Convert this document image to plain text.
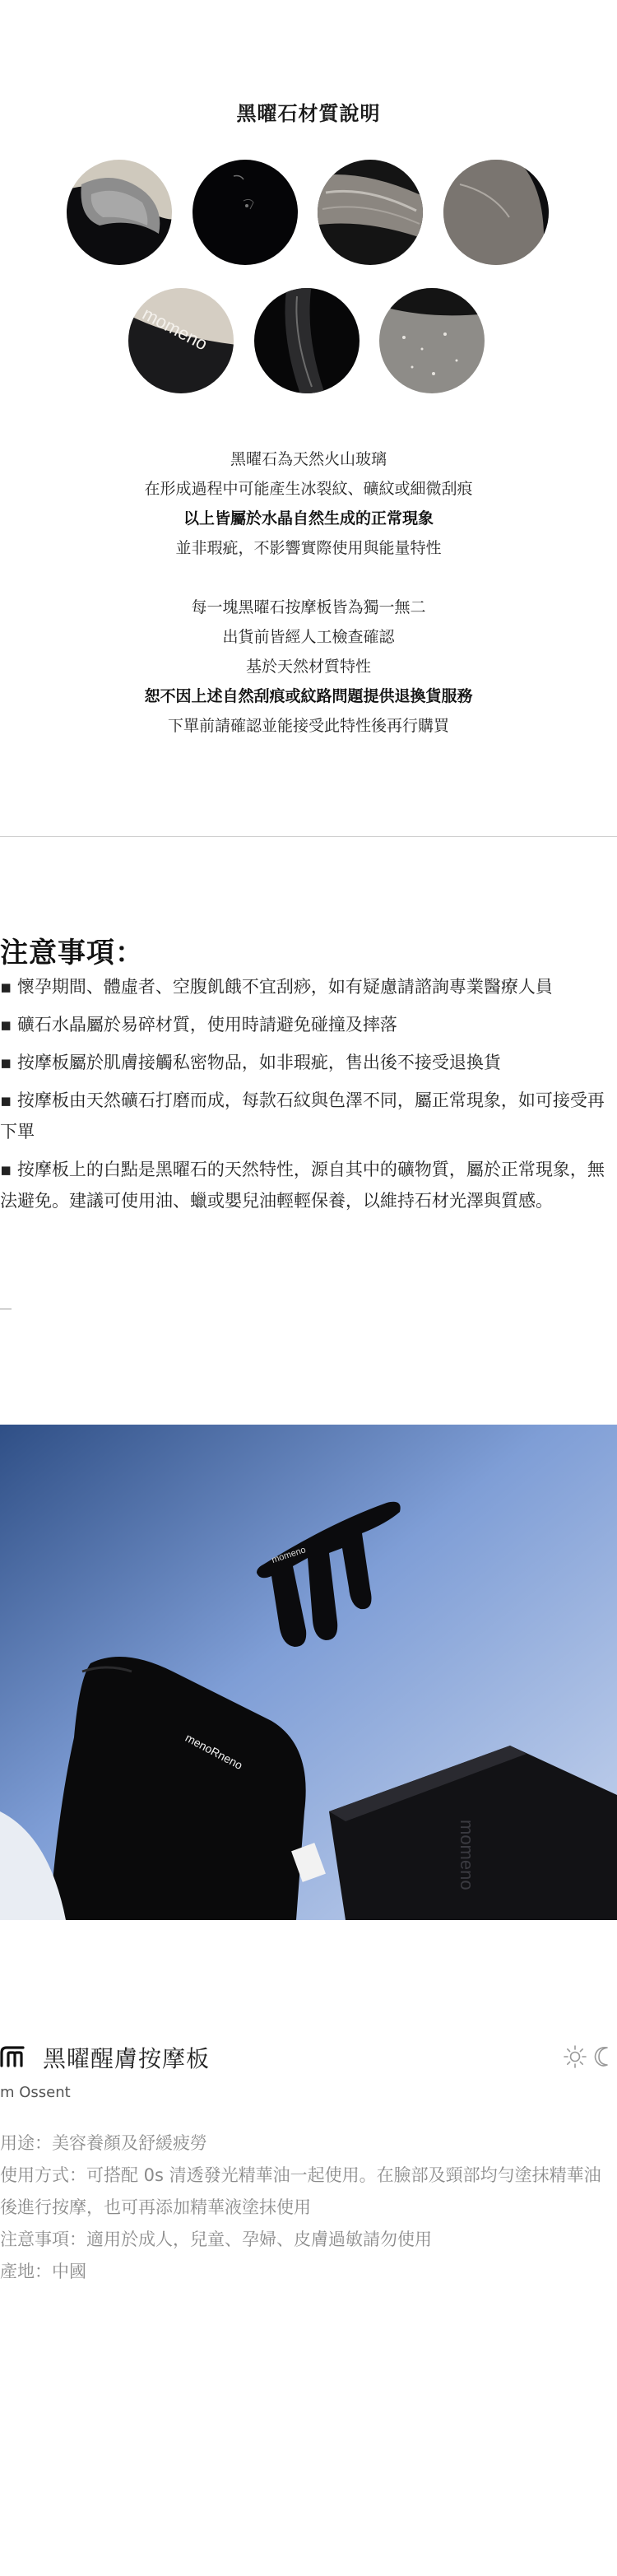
黑曜石材質說明
momeno
黑曜石為天然火山玻璃
在形成過程中可能產生冰裂紋、礦紋或細微刮痕
以上皆屬於水晶自然生成的正常現象
並非瑕疵，不影響實際使用與能量特性
每一塊黑曜石按摩板皆為獨一無二
出貨前皆經人工檢查確認
基於天然材質特性
恕不因上述自然刮痕或紋路問題提供退換貨服務
下單前請確認並能接受此特性後再行購買
注意事項：
▪ 懷孕期間、體虛者、空腹飢餓不宜刮痧，如有疑慮請諮詢專業醫療人員
▪ 礦石水晶屬於易碎材質，使用時請避免碰撞及摔落
▪ 按摩板屬於肌膚接觸私密物品，如非瑕疵，售出後不接受退換貨
▪ 按摩板由天然礦石打磨而成，每款石紋與色澤不同，屬正常現象，如可接受再下單
▪ 按摩板上的白點是黑曜石的天然特性，源自其中的礦物質，屬於正常現象，無法避免。建議可使用油、蠟或嬰兒油輕輕保養，以維持石材光澤與質感。
momeno
menoRneno
momeno
黑曜醒膚按摩板
m Ossent
用途：美容養顏及舒緩疲勞
使用方式：可搭配 0s 清透發光精華油一起使用。在臉部及頸部均勻塗抹精華油後進行按摩，也可再添加精華液塗抹使用
注意事項：適用於成人，兒童、孕婦、皮膚過敏請勿使用
產地：中國
